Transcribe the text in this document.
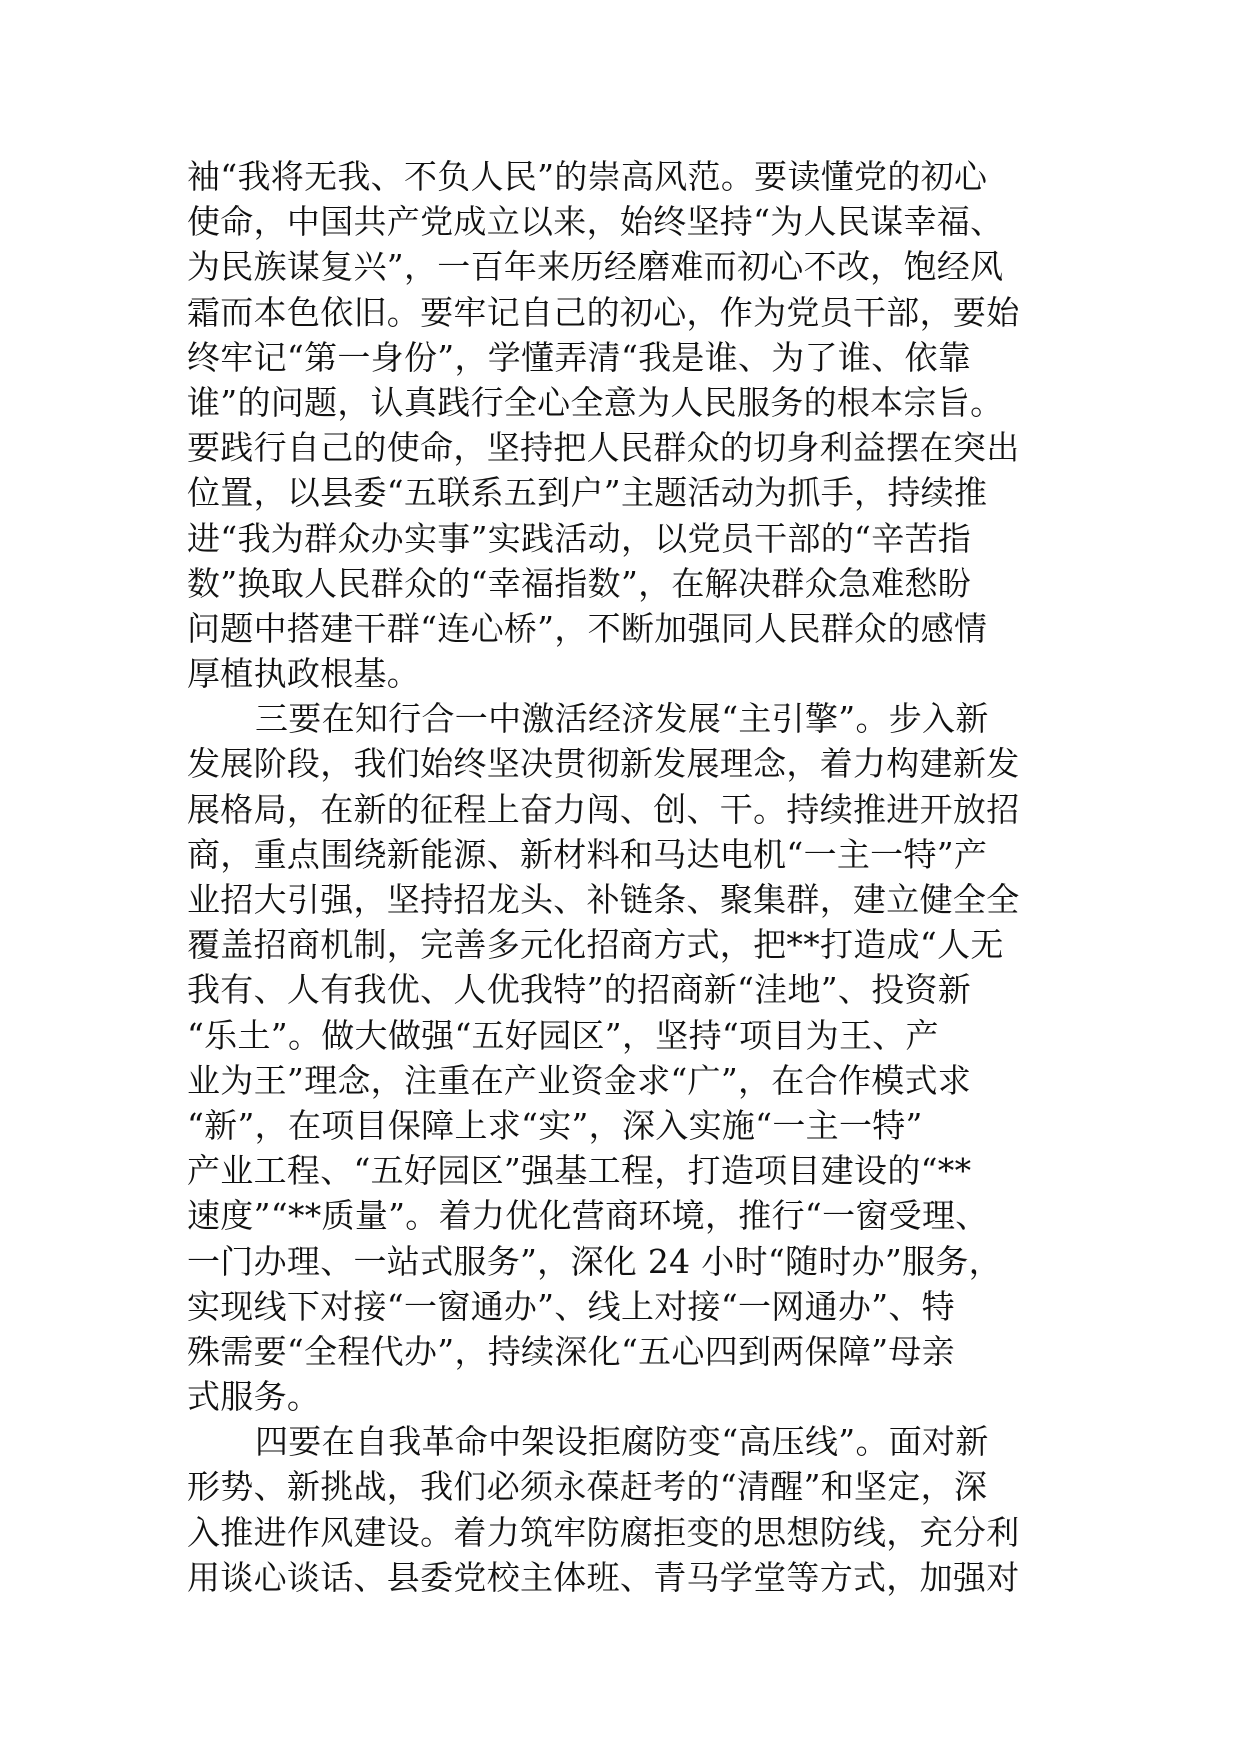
袖“我将无我、不负人民”的崇高风范。要读懂党的初心
使命，中国共产党成立以来，始终坚持“为人民谋幸福、
为民族谋复兴”，一百年来历经磨难而初心不改，饱经风
霜而本色依旧。要牢记自己的初心，作为党员干部，要始
终牢记“第一身份”，学懂弄清“我是谁、为了谁、依靠
谁”的问题，认真践行全心全意为人民服务的根本宗旨。
要践行自己的使命，坚持把人民群众的切身利益摆在突出
位置，以县委“五联系五到户”主题活动为抓手，持续推
进“我为群众办实事”实践活动，以党员干部的“辛苦指
数”换取人民群众的“幸福指数”，在解决群众急难愁盼
问题中搭建干群“连心桥”，不断加强同人民群众的感情
厚植执政根基。
三要在知行合一中激活经济发展“主引擎”。步入新
发展阶段，我们始终坚决贯彻新发展理念，着力构建新发
展格局，在新的征程上奋力闯、创、干。持续推进开放招
商，重点围绕新能源、新材料和马达电机“一主一特”产
业招大引强，坚持招龙头、补链条、聚集群，建立健全全
覆盖招商机制，完善多元化招商方式，把**打造成“人无
我有、人有我优、人优我特”的招商新“洼地”、投资新
“乐土”。做大做强“五好园区”，坚持“项目为王、产
业为王”理念，注重在产业资金求“广”，在合作模式求
“新”，在项目保障上求“实”，深入实施“一主一特”
产业工程、“五好园区”强基工程，打造项目建设的“**
速度”“**质量”。着力优化营商环境，推行“一窗受理、
一门办理、一站式服务”，深化 24 小时“随时办”服务，
实现线下对接“一窗通办”、线上对接“一网通办”、特
殊需要“全程代办”，持续深化“五心四到两保障”母亲
式服务。
四要在自我革命中架设拒腐防变“高压线”。面对新
形势、新挑战，我们必须永葆赶考的“清醒”和坚定，深
入推进作风建设。着力筑牢防腐拒变的思想防线，充分利
用谈心谈话、县委党校主体班、青马学堂等方式，加强对
